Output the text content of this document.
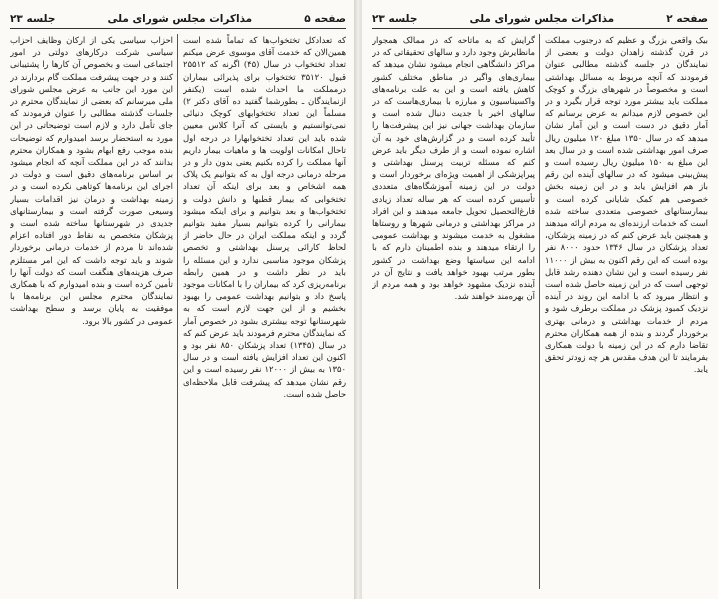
صفحه ۵
مذاکرات مجلس شورای ملی
جلسه ۲۳

که تعدادکل تختخواب‌ها که تماماً شده است همین‌الان که خدمت آقای موسوی عرض میکنم تعداد تختخواب در سال (۴۵) اگرنه که ۲۵۵۱۲ قبول ۳۵۱۲۰ تختخواب برای پذیرائی بیماران درمملکت ما احداث شده است (یکنفر ازنمایندگان ـ بطورشما گفتید ده آقای دکتر ۲) مسلماً این تعداد تختخوابهای کوچک دنیائی نمی‌توانستیم و بایستی که آنرا کلاس معیین شده باید این تعداد تختخوابهارا در درجه اول تاحال امکانات اولویت ها و ماهیات بیمار داریم آنها مملکت را کرده بکنیم یعنی بدون دار و در مرحله درمانی درجه اول به که بتوانیم یک پلاک همه اشخاص و بعد برای اینکه آن تعداد تختخوابی که بیمار قطبها و دانش دولت و تختخواب‌ها و بعد بتوانیم و برای اینکه میشود بیمارانی را کرده بتوانیم بسیار مفید بتوانیم گردد و اینکه مملکت ایران در حال حاضر از لحاظ کارائی پرسنل بهداشتی و تخصص پزشکان موجود مناسبی ندارد و این مسئله را باید در نظر داشت و در همین رابطه برنامه‌ریزی کرد که بیماران را با امکانات موجود پاسخ داد و بتوانیم بهداشت عمومی را بهبود بخشیم و از این جهت لازم است که به شهرستانها توجه بیشتری بشود در خصوص آمار که نمایندگان محترم فرمودند باید عرض کنم که در سال (۱۳۴۵) تعداد پزشکان ۸۵۰ نفر بود و اکنون این تعداد افزایش یافته است و در سال ۱۳۵۰ به بیش از ۱۲۰۰۰ نفر رسیده است و این رقم نشان میدهد که پیشرفت قابل ملاحظه‌ای حاصل شده است.

احزاب سیاسی یکی از ارکان وظایف احزاب سیاسی شرکت درکارهای دولتی در امور اجتماعی است و بخصوص آن کارها را پشتیبانی کنند و در جهت پیشرفت مملکت گام بردارند در این مورد این جانب به عرض مجلس شورای ملی میرسانم که بعضی از نمایندگان محترم در جلسات گذشته مطالبی را عنوان فرمودند که جای تأمل دارد و لازم است توضیحاتی در این مورد به استحضار برسد امیدوارم که توضیحات بنده موجب رفع ابهام بشود و همکاران محترم بدانند که در این مملکت آنچه که انجام میشود بر اساس برنامه‌های دقیق است و دولت در اجرای این برنامه‌ها کوتاهی نکرده است و در زمینه بهداشت و درمان نیز اقدامات بسیار وسیعی صورت گرفته است و بیمارستانهای جدیدی در شهرستانها ساخته شده است و پزشکان متخصص به نقاط دور افتاده اعزام شده‌اند تا مردم از خدمات درمانی برخوردار شوند و باید توجه داشت که این امر مستلزم صرف هزینه‌های هنگفت است که دولت آنها را تأمین کرده است و بنده امیدوارم که با همکاری نمایندگان محترم مجلس این برنامه‌ها با موفقیت به پایان برسد و سطح بهداشت عمومی در کشور بالا برود.

صفحه ۲
مذاکرات مجلس شورای ملی
جلسه ۲۳

بیک واقعی بزرگ و عظیم که درجنوب مملکت در قرن گذشته زاهدان دولت و بعضی از نمایندگان در جلسه گذشته مطالبی عنوان فرمودند که آنچه مربوط به مسائل بهداشتی است و مخصوصاً در شهرهای بزرگ و کوچک مملکت باید بیشتر مورد توجه قرار بگیرد و در این خصوص لازم میدانم به عرض برسانم که آمار دقیق در دست است و این آمار نشان میدهد که در سال ۱۳۵۰ مبلغ ۱۲۰ میلیون ریال صرف امور بهداشتی شده است و در سال بعد این مبلغ به ۱۵۰ میلیون ریال رسیده است و پیش‌بینی میشود که در سالهای آینده این رقم باز هم افزایش یابد و در این زمینه بخش خصوصی هم کمک شایانی کرده است و بیمارستانهای خصوصی متعددی ساخته شده است که خدمات ارزنده‌ای به مردم ارائه میدهند و همچنین باید عرض کنم که در زمینه پزشکان، تعداد پزشکان در سال ۱۳۴۶ حدود ۸۰۰۰ نفر بوده است که این رقم اکنون به بیش از ۱۱۰۰۰ نفر رسیده است و این نشان دهنده رشد قابل توجهی است که در این زمینه حاصل شده است و انتظار میرود که با ادامه این روند در آینده نزدیک کمبود پزشک در مملکت برطرف شود و مردم از خدمات بهداشتی و درمانی بهتری برخوردار گردند و بنده از همه همکاران محترم تقاضا دارم که در این زمینه با دولت همکاری بفرمایند تا این هدف مقدس هر چه زودتر تحقق یابد.

گرایش که به ماتاحه که در ممالک همجوار مانظایرش وجود دارد و سالهای تحقیقاتی که در مراکز دانشگاهی انجام میشود نشان میدهد که بیماری‌های واگیر در مناطق مختلف کشور کاهش یافته است و این به علت برنامه‌های واکسیناسیون و مبارزه با بیماری‌هاست که در سالهای اخیر با جدیت دنبال شده است و سازمان بهداشت جهانی نیز این پیشرفت‌ها را تأیید کرده است و در گزارش‌های خود به آن اشاره نموده است و از طرف دیگر باید عرض کنم که مسئله تربیت پرسنل بهداشتی و پیراپزشکی از اهمیت ویژه‌ای برخوردار است و دولت در این زمینه آموزشگاه‌های متعددی تأسیس کرده است که هر ساله تعداد زیادی فارغ‌التحصیل تحویل جامعه میدهند و این افراد در مراکز بهداشتی و درمانی شهرها و روستاها مشغول به خدمت میشوند و بهداشت عمومی را ارتقاء میدهند و بنده اطمینان دارم که با ادامه این سیاستها وضع بهداشت در کشور بطور مرتب بهبود خواهد یافت و نتایج آن در آینده نزدیک مشهود خواهد بود و همه مردم از آن بهره‌مند خواهند شد.
